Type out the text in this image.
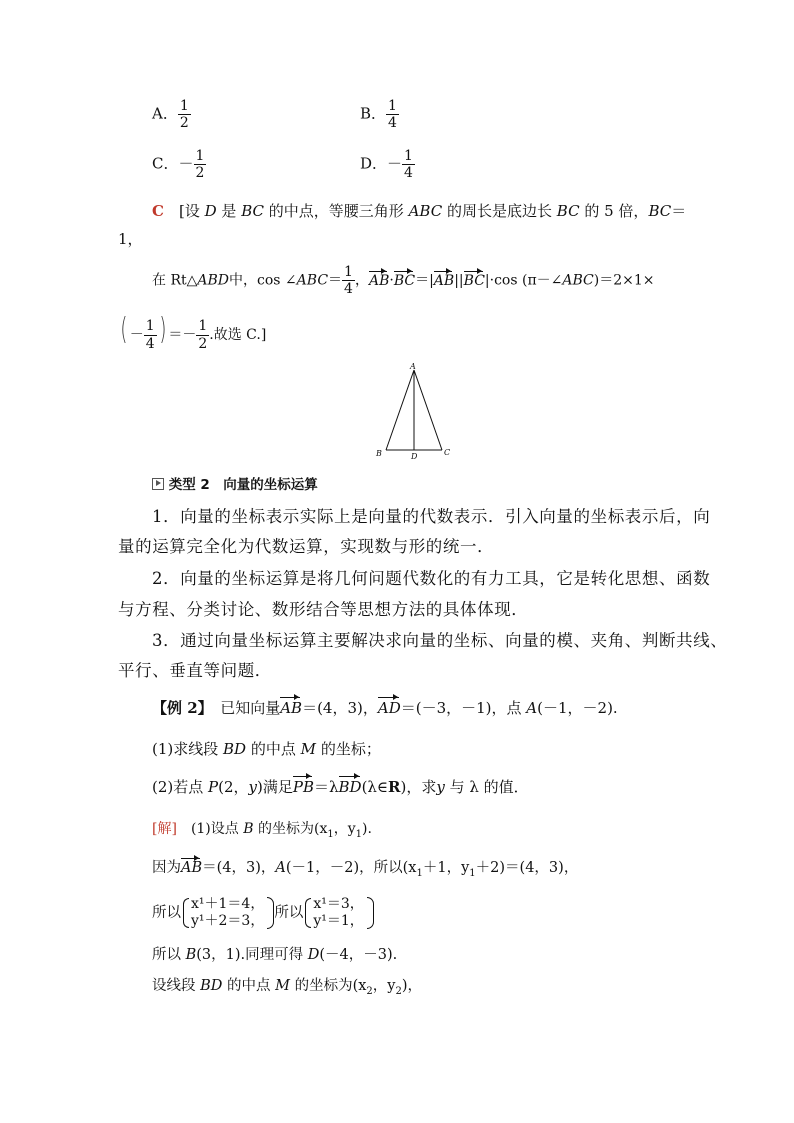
A． $\frac{1}{2}$	B． $\frac{1}{4}$
C．－ $\frac{1}{2}$	D．－ $\frac{1}{4}$
C　 [设 D 是 BC 的中点，等腰三角形 ABC 的周长是底边长 BC 的 5 倍，BC＝
1，
在 Rt△ABD中，cos ∠ABC＝ $\frac{1}{4}$ ，AB·BC＝|AB||BC|·cos (π－∠ABC)＝2×1×
( － $\frac{1}{4}$ ) ＝－ $\frac{1}{2}$ .故选 C.]
A
B	C
D
类型 2　向量的坐标运算
1．向量的坐标表示实际上是向量的代数表示．引入向量的坐标表示后，向
量的运算完全化为代数运算，实现数与形的统一．
2．向量的坐标运算是将几何问题代数化的有力工具，它是转化思想、函数
与方程、分类讨论、数形结合等思想方法的具体体现．
3．通过向量坐标运算主要解决求向量的坐标、向量的模、夹角、判断共线、
平行、垂直等问题．
【例 2】　 已知向量AB＝(4，3)，AD＝(－3，－1)，点 A(－1，－2).
(1)求线段 BD 的中点 M 的坐标；
(2)若点 P(2，y)满足PB＝λBD(λ∈R)，求y 与 λ 的值．
[解]　 (1)设点 B 的坐标为($x_1$，$y_1$).
因为AB＝(4，3)，A(－1，－2)，所以($x_1+1$，$y_1+2)=(4$，3)，
所以
x¹＋1＝4，
y¹＋2＝3， 所以
x¹＝3，
y¹＝1，
所以 B(3，1).同理可得 D(－4，－3).
设线段 BD 的中点 M 的坐标为($x_2$，$y_2$)，
